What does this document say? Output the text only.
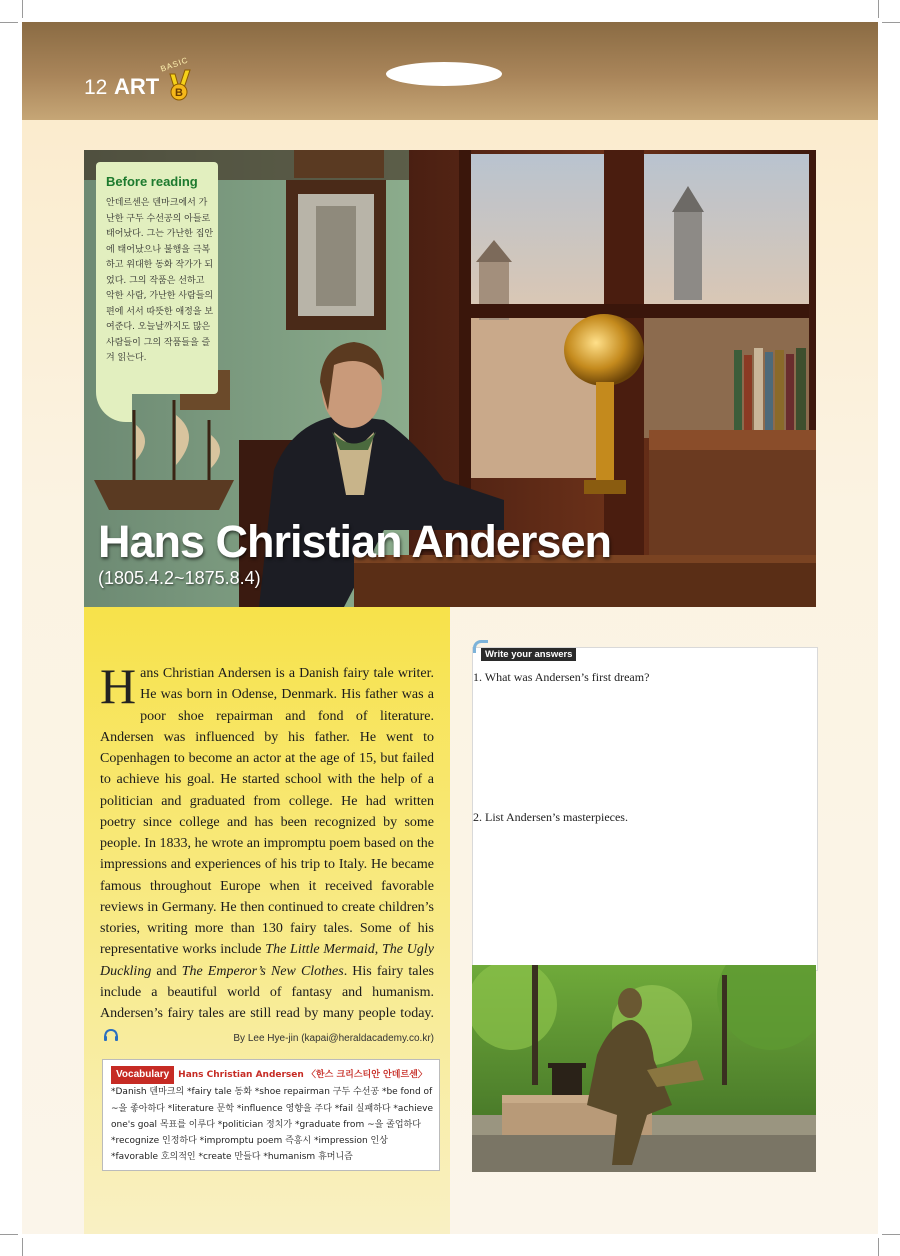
12 ART
BASIC
B
Before reading
안데르센은 덴마크에서 가난한 구두 수선공의 아들로 태어났다. 그는 가난한 집안에 태어났으나 불행을 극복하고 위대한 동화 작가가 되었다. 그의 작품은 선하고 악한 사람, 가난한 사람들의 편에 서서 따뜻한 애정을 보여준다. 오늘날까지도 많은 사람들이 그의 작품들을 즐겨 읽는다.
Hans Christian Andersen
(1805.4.2~1875.8.4)
Hans Christian Andersen is a Danish fairy tale writer. He was born in Odense, Denmark. His father was a poor shoe repairman and fond of literature. Andersen was influenced by his father. He went to Copenhagen to become an actor at the age of 15, but failed to achieve his goal. He started school with the help of a politician and graduated from college. He had written poetry since college and has been recognized by some people. In 1833, he wrote an impromptu poem based on the impressions and experiences of his trip to Italy. He became famous throughout Europe when it received favorable reviews in Germany. He then continued to create children’s stories, writing more than 130 fairy tales. Some of his representative works include The Little Mermaid, The Ugly Duckling and The Emperor’s New Clothes. His fairy tales include a beautiful world of fantasy and humanism. Andersen’s fairy tales are still read by many people today.
By Lee Hye-jin (kapai@heraldacademy.co.kr)
Vocabulary Hans Christian Andersen 〈한스 크리스티안 안데르센〉 *Danish 덴마크의 *fairy tale 동화 *shoe repairman 구두 수선공 *be fond of ~을 좋아하다 *literature 문학 *influence 영향을 주다 *fail 실패하다 *achieve one's goal 목표를 이루다 *politician 정치가 *graduate from ~을 졸업하다 *recognize 인정하다 *impromptu poem 즉흥시 *impression 인상 *favorable 호의적인 *create 만들다 *humanism 휴머니즘
Write your answers
1. What was Andersen’s first dream?
2. List Andersen’s masterpieces.
